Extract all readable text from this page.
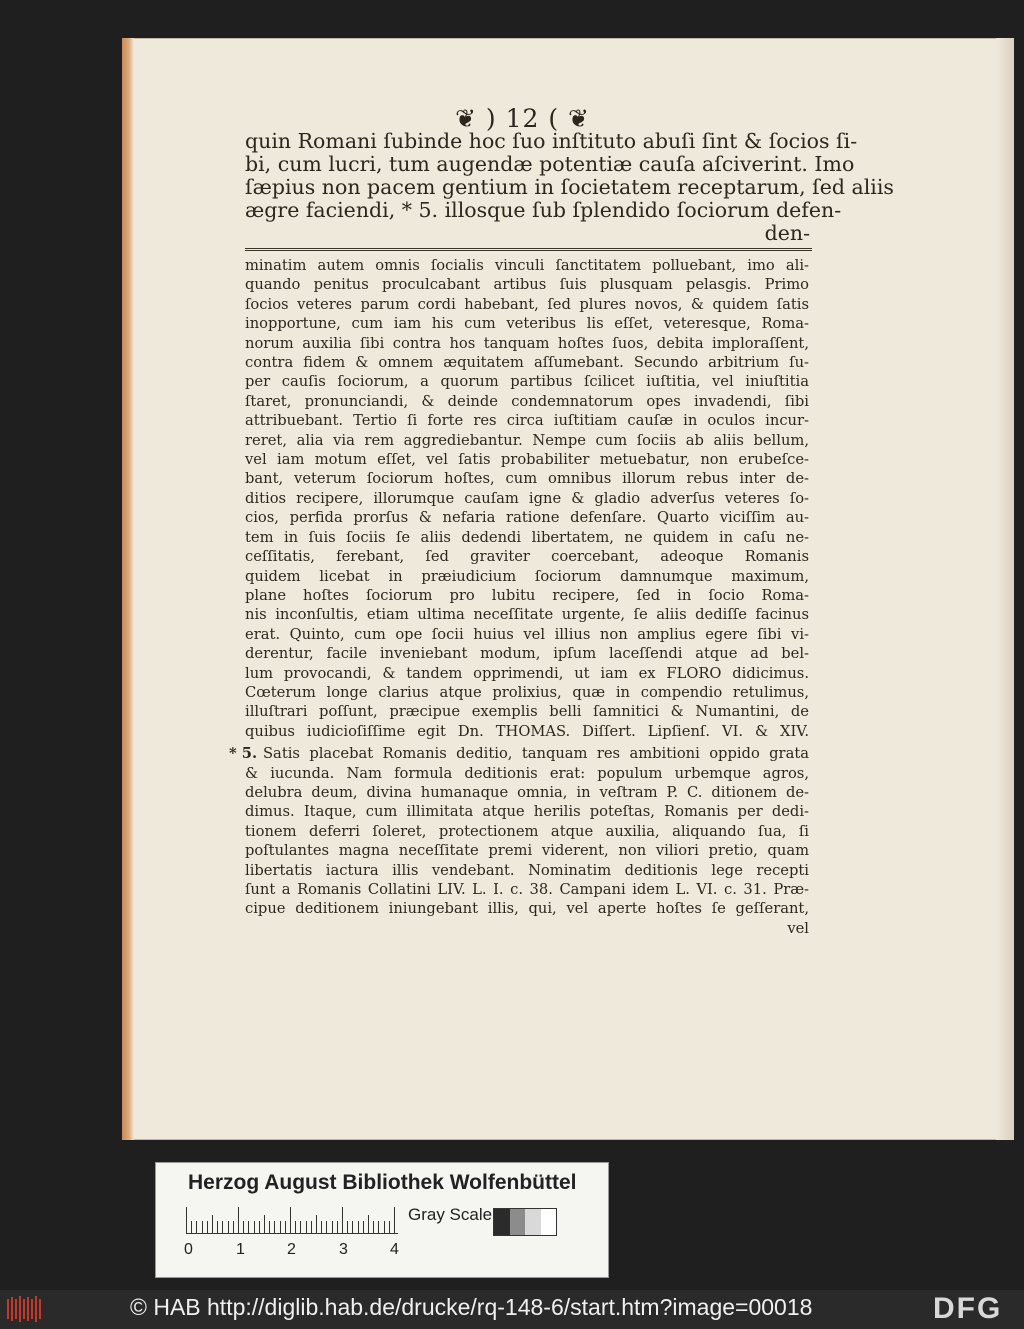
❦ ) 12 ( ❦
quin Romani ſubinde hoc ſuo inſtituto abuſi ſint & ſocios ſi-
bi, cum lucri, tum augendæ potentiæ cauſa aſciverint. Imo
ſæpius non pacem gentium in ſocietatem receptarum, ſed aliis
ægre faciendi, * 5. illosque ſub ſplendido ſociorum defen-
den-
minatim autem omnis ſocialis vinculi ſanctitatem polluebant, imo ali-
quando penitus proculcabant artibus ſuis plusquam pelasgis. Primo
ſocios veteres parum cordi habebant, ſed plures novos, & quidem ſatis
inopportune, cum iam his cum veteribus lis eſſet, veteresque, Roma-
norum auxilia ſibi contra hos tanquam hoſtes ſuos, debita imploraſſent,
contra fidem & omnem æquitatem aſſumebant. Secundo arbitrium ſu-
per cauſis ſociorum, a quorum partibus ſcilicet iuſtitia, vel iniuſtitia
ſtaret, pronunciandi, & deinde condemnatorum opes invadendi, ſibi
attribuebant. Tertio ſi forte res circa iuſtitiam cauſæ in oculos incur-
reret, alia via rem aggrediebantur. Nempe cum ſociis ab aliis bellum,
vel iam motum eſſet, vel ſatis probabiliter metuebatur, non erubeſce-
bant, veterum ſociorum hoſtes, cum omnibus illorum rebus inter de-
ditios recipere, illorumque cauſam igne & gladio adverſus veteres ſo-
cios, perfida prorſus & nefaria ratione defenſare. Quarto viciſſim au-
tem in ſuis ſociis ſe aliis dedendi libertatem, ne quidem in caſu ne-
ceſſitatis, ferebant, ſed graviter coercebant, adeoque Romanis
quidem licebat in præiudicium ſociorum damnumque maximum,
plane hoſtes ſociorum pro lubitu recipere, ſed in ſocio Roma-
nis inconſultis, etiam ultima neceſſitate urgente, ſe aliis dediſſe facinus
erat. Quinto, cum ope ſocii huius vel illius non amplius egere ſibi vi-
derentur, facile inveniebant modum, ipſum laceſſendi atque ad bel-
lum provocandi, & tandem opprimendi, ut iam ex FLORO didicimus.
Cœterum longe clarius atque prolixius, quæ in compendio retulimus,
illuſtrari poſſunt, præcipue exemplis belli ſamnitici & Numantini, de
quibus iudicioſiſſime egit Dn. THOMAS. Diſſert. Lipſienſ. VI. & XIV.
* 5. Satis placebat Romanis deditio, tanquam res ambitioni oppido grata
& iucunda. Nam formula deditionis erat: populum urbemque agros,
delubra deum, divina humanaque omnia, in veſtram P. C. ditionem de-
dimus. Itaque, cum illimitata atque herilis poteſtas, Romanis per dedi-
tionem deferri ſoleret, protectionem atque auxilia, aliquando ſua, ſi
poſtulantes magna neceſſitate premi viderent, non viliori pretio, quam
libertatis iactura illis vendebant. Nominatim deditionis lege recepti
ſunt a Romanis Collatini LIV. L. I. c. 38. Campani idem L. VI. c. 31. Præ-
cipue deditionem iniungebant illis, qui, vel aperte hoſtes ſe geſſerant,
vel
Herzog August Bibliothek Wolfenbüttel
0	1	2	3	4
Gray Scale
© HAB http://diglib.hab.de/drucke/rq-148-6/start.htm?image=00018	DFG
